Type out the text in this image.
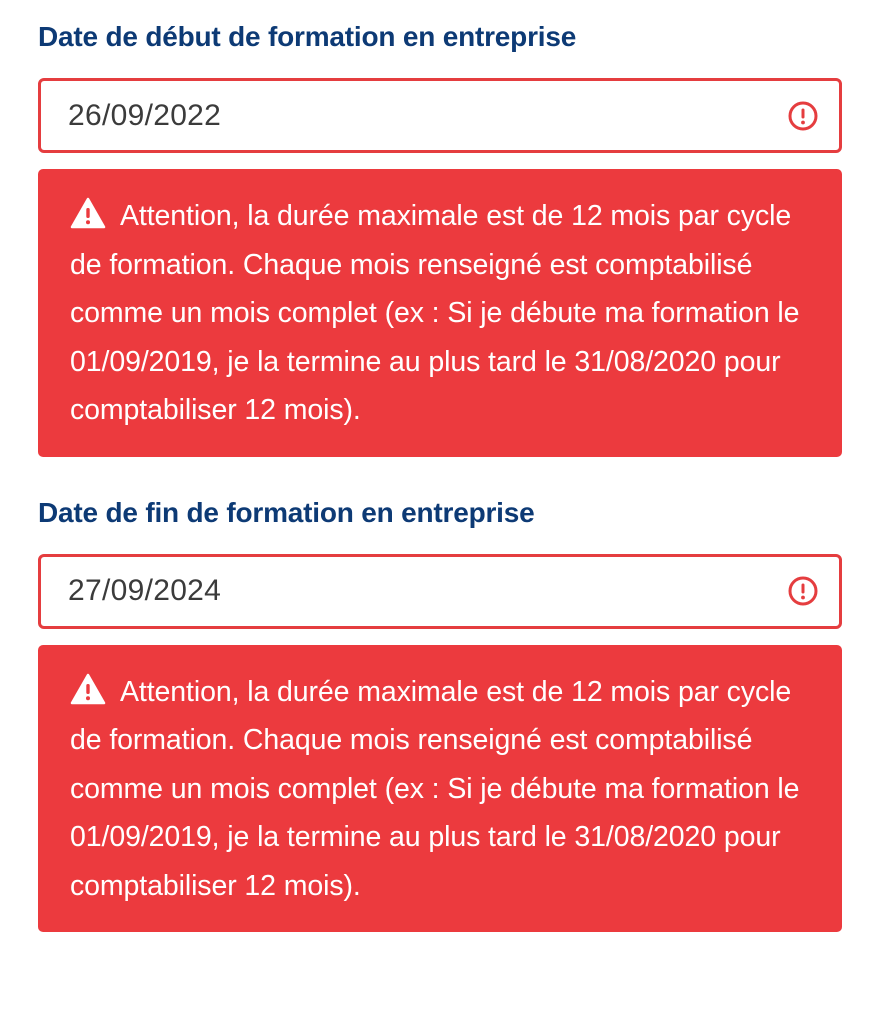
Date de début de formation en entreprise
26/09/2022
Attention, la durée maximale est de 12 mois par cycle de formation. Chaque mois renseigné est comptabilisé comme un mois complet (ex : Si je débute ma formation le 01/09/2019, je la termine au plus tard le 31/08/2020 pour comptabiliser 12 mois).
Date de fin de formation en entreprise
27/09/2024
Attention, la durée maximale est de 12 mois par cycle de formation. Chaque mois renseigné est comptabilisé comme un mois complet (ex : Si je débute ma formation le 01/09/2019, je la termine au plus tard le 31/08/2020 pour comptabiliser 12 mois).
